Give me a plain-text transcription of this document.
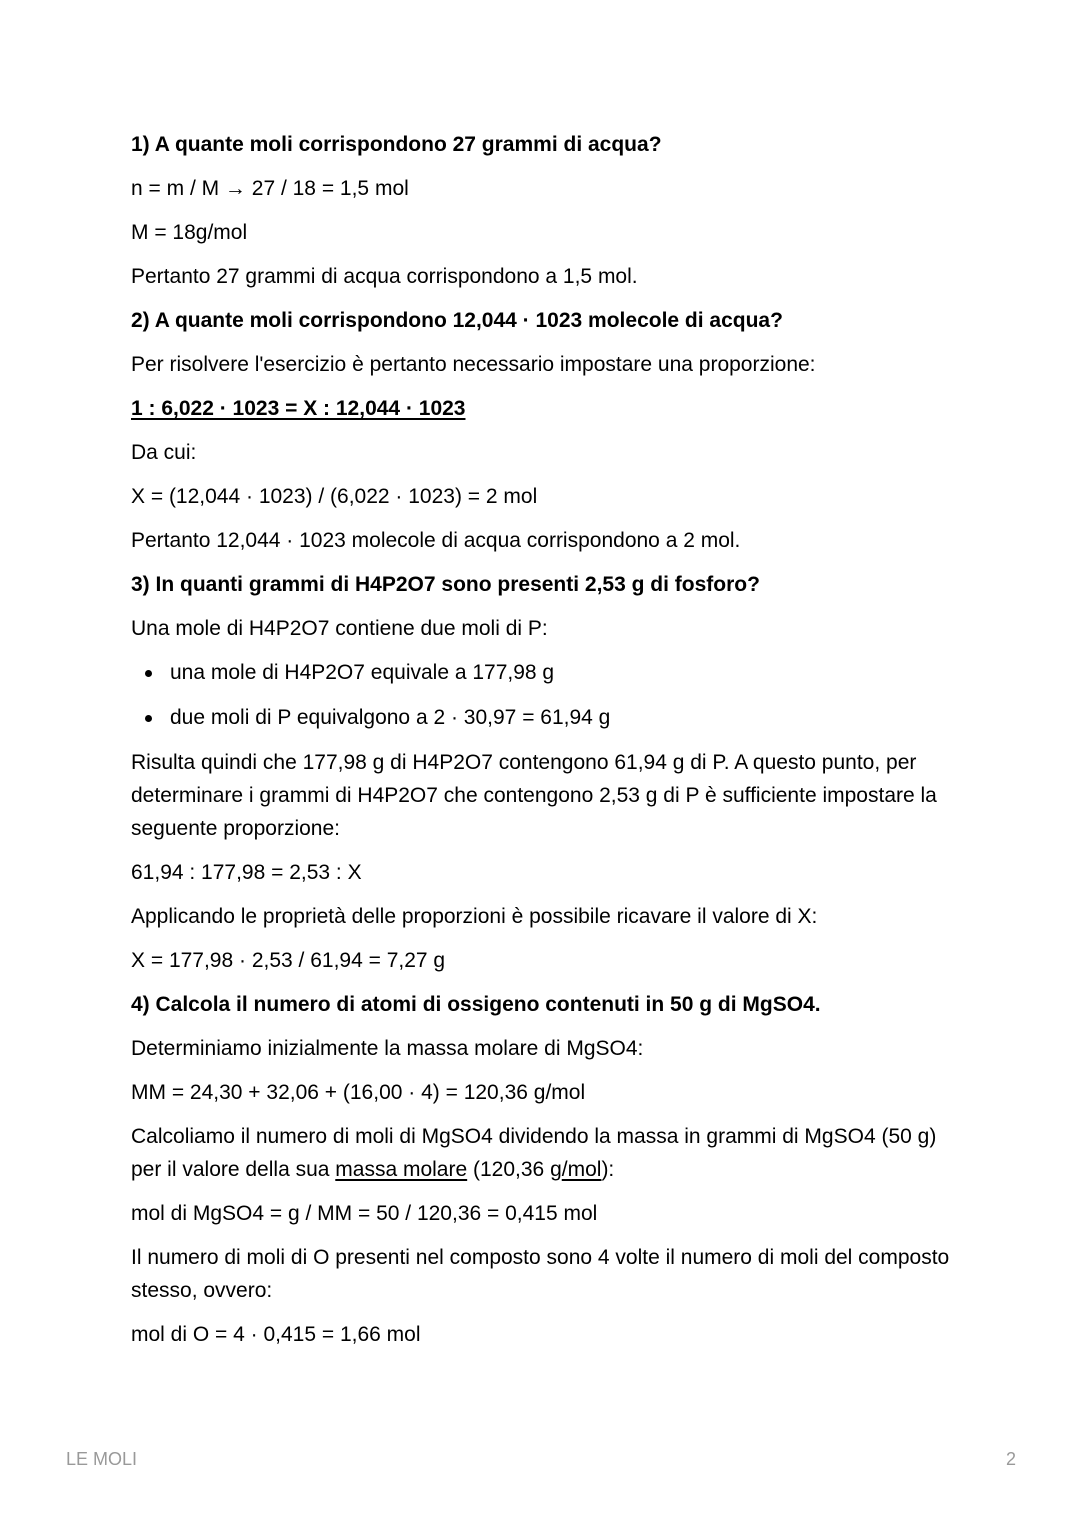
1) A quante moli corrispondono 27 grammi di acqua?
n = m / M → 27 / 18 = 1,5 mol
M = 18g/mol
Pertanto 27 grammi di acqua corrispondono a 1,5 mol.
2) A quante moli corrispondono 12,044 · 1023 molecole di acqua?
Per risolvere l'esercizio è pertanto necessario impostare una proporzione:
1 : 6,022 · 1023 = X : 12,044 · 1023
Da cui:
X = (12,044 · 1023) / (6,022 · 1023) = 2 mol
Pertanto 12,044 · 1023 molecole di acqua corrispondono a 2 mol.
3) In quanti grammi di H4P2O7 sono presenti 2,53 g di fosforo?
Una mole di H4P2O7 contiene due moli di P:
una mole di H4P2O7 equivale a 177,98 g
due moli di P equivalgono a 2 · 30,97 = 61,94 g
Risulta quindi che 177,98 g di H4P2O7 contengono 61,94 g di P. A questo punto, per determinare i grammi di H4P2O7 che contengono 2,53 g di P è sufficiente impostare la seguente proporzione:
61,94 : 177,98 = 2,53 : X
Applicando le proprietà delle proporzioni è possibile ricavare il valore di X:
X = 177,98 · 2,53 / 61,94 = 7,27 g
4) Calcola il numero di atomi di ossigeno contenuti in 50 g di MgSO4.
Determiniamo inizialmente la massa molare di MgSO4:
MM = 24,30 + 32,06 + (16,00 · 4) = 120,36 g/mol
Calcoliamo il numero di moli di MgSO4 dividendo la massa in grammi di MgSO4 (50 g) per il valore della sua massa molare (120,36 g/mol):
mol di MgSO4 = g / MM = 50 / 120,36 = 0,415 mol
Il numero di moli di O presenti nel composto sono 4 volte il numero di moli del composto stesso, ovvero:
mol di O = 4 · 0,415 = 1,66 mol
LE MOLI	2
